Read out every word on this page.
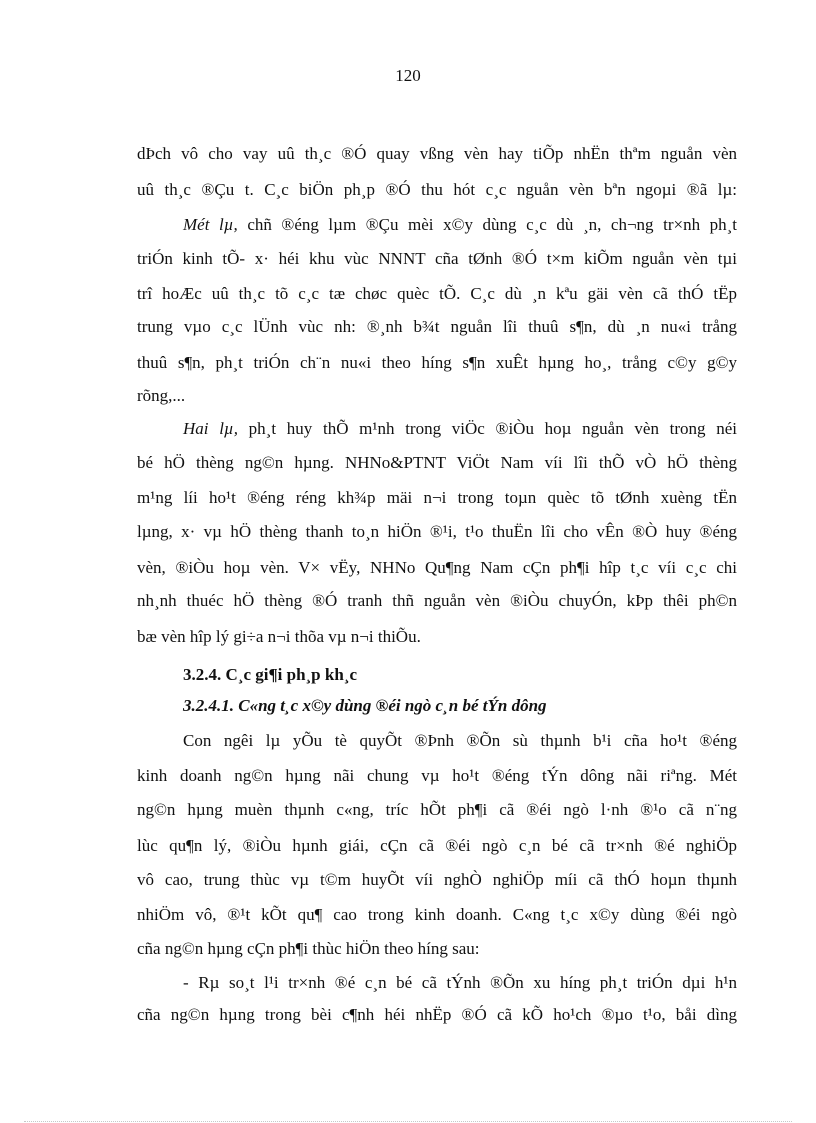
120
dÞch vô cho vay uû th¸c ®Ó quay vßng vèn hay tiÕp nhËn thªm nguån vèn
uû th¸c ®Çu t. C¸c biÖn ph¸p ®Ó thu hót c¸c nguån vèn bªn ngoµi ®ã lµ:
Mét lµ, chñ ®éng lµm ®Çu mèi x©y dùng c¸c dù ¸n, ch¬ng tr×nh ph¸t
triÓn kinh tÕ- x· héi khu vùc NNNT cña tØnh ®Ó t×m kiÕm nguån vèn tµi
trî hoÆc uû th¸c tõ c¸c tæ chøc quèc tÕ. C¸c dù ¸n kªu gäi vèn cã thÓ tËp
trung vµo c¸c lÜnh vùc nh: ®¸nh b¾t nguån lîi thuû s¶n, dù ¸n nu«i trång
thuû s¶n, ph¸t triÓn ch¨n nu«i theo híng s¶n xuÊt hµng ho¸, trång c©y g©y
rõng,...
Hai lµ, ph¸t huy thÕ m¹nh trong viÖc ®iÒu hoµ nguån vèn trong néi
bé hÖ thèng ng©n hµng. NHNo&PTNT ViÖt Nam víi lîi thÕ vÒ hÖ thèng
m¹ng líi ho¹t ®éng réng kh¾p mäi n¬i trong toµn quèc tõ tØnh xuèng tËn
lµng, x· vµ hÖ thèng thanh to¸n hiÖn ®¹i, t¹o thuËn lîi cho vÊn ®Ò huy ®éng
vèn, ®iÒu hoµ vèn. V× vËy, NHNo Qu¶ng Nam cÇn ph¶i hîp t¸c víi c¸c chi
nh¸nh thuéc hÖ thèng ®Ó tranh thñ nguån vèn ®iÒu chuyÓn, kÞp thêi ph©n
bæ vèn hîp lý gi÷a n¬i thõa vµ n¬i thiÕu.
3.2.4. C¸c gi¶i ph¸p kh¸c
3.2.4.1. C«ng t¸c x©y dùng ®éi ngò c¸n bé tÝn dông
Con ngêi lµ yÕu tè quyÕt ®Þnh ®Õn sù thµnh b¹i cña ho¹t ®éng
kinh doanh ng©n hµng nãi chung vµ ho¹t ®éng tÝn dông nãi riªng. Mét
ng©n hµng muèn thµnh c«ng, tríc hÕt ph¶i cã ®éi ngò l·nh ®¹o cã n¨ng
lùc qu¶n lý, ®iÒu hµnh giái, cÇn cã ®éi ngò c¸n bé cã tr×nh ®é nghiÖp
vô cao, trung thùc vµ t©m huyÕt víi nghÒ nghiÖp míi cã thÓ hoµn thµnh
nhiÖm vô, ®¹t kÕt qu¶ cao trong kinh doanh. C«ng t¸c x©y dùng ®éi ngò
cña ng©n hµng cÇn ph¶i thùc hiÖn theo híng sau:
- Rµ so¸t l¹i tr×nh ®é c¸n bé cã tÝnh ®Õn xu híng ph¸t triÓn dµi h¹n
cña ng©n hµng trong bèi c¶nh héi nhËp ®Ó cã kÕ ho¹ch ®µo t¹o, båi dìng
